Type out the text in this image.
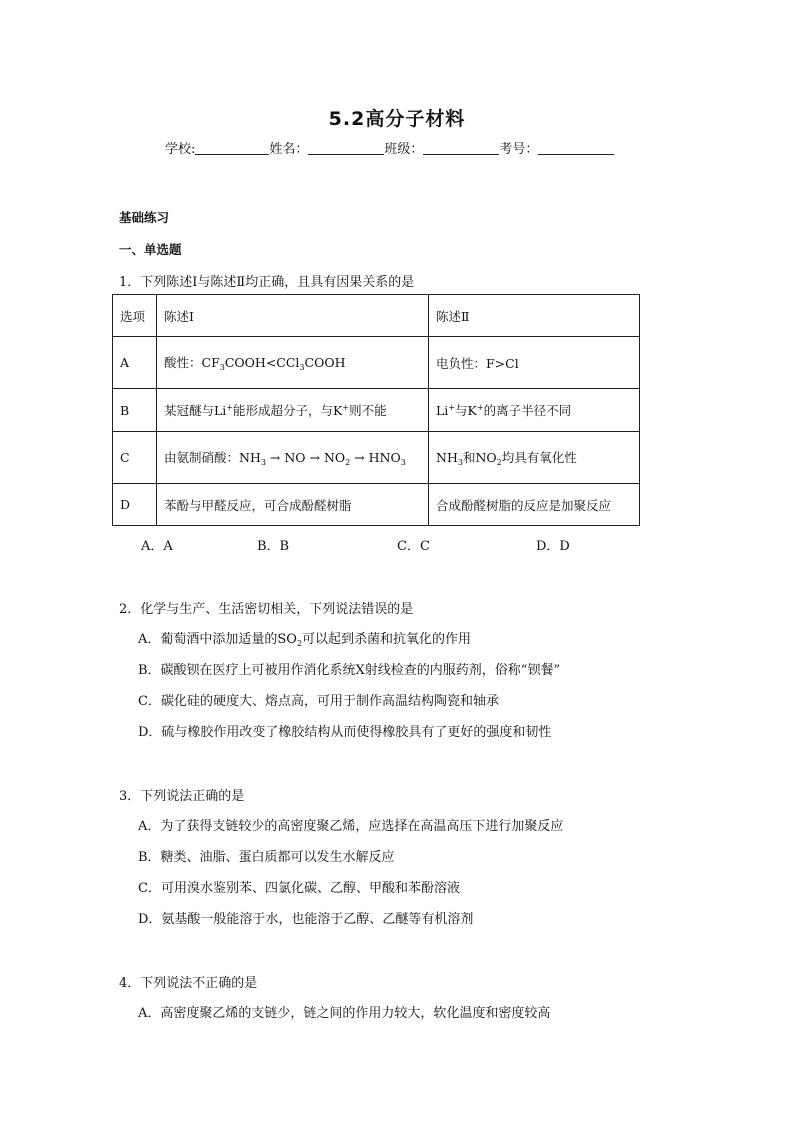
5.2高分子材料
学校:	姓名：	班级：	考号：
基础练习
一、单选题
1．下列陈述Ⅰ与陈述Ⅱ均正确，且具有因果关系的是
选项	陈述Ⅰ	陈述Ⅱ
A	酸性：$CF_3COOH<CCl_3COOH$	电负性：F>Cl
B	某冠醚与Li+能形成超分子，与K+则不能	Li+与K+的离子半径不同
C	由氨制硝酸：$NH_3$ → NO → $NO_2 \to HNO_3$	$NH_3$和$NO_2$均具有氧化性
D	苯酚与甲醛反应，可合成酚醛树脂	合成酚醛树脂的反应是加聚反应
A．A	B．B	C．C	D．D
2．化学与生产、生活密切相关，下列说法错误的是
A．葡萄酒中添加适量的$SO_2$可以起到杀菌和抗氧化的作用
B．碳酸钡在医疗上可被用作消化系统X射线检查的内服药剂，俗称“钡餐”
C．碳化硅的硬度大、熔点高，可用于制作高温结构陶瓷和轴承
D．硫与橡胶作用改变了橡胶结构从而使得橡胶具有了更好的强度和韧性
3．下列说法正确的是
A．为了获得支链较少的高密度聚乙烯，应选择在高温高压下进行加聚反应
B．糖类、油脂、蛋白质都可以发生水解反应
C．可用溴水鉴别苯、四氯化碳、乙醇、甲酸和苯酚溶液
D．氨基酸一般能溶于水，也能溶于乙醇、乙醚等有机溶剂
4．下列说法不正确的是
A．高密度聚乙烯的支链少，链之间的作用力较大，软化温度和密度较高
